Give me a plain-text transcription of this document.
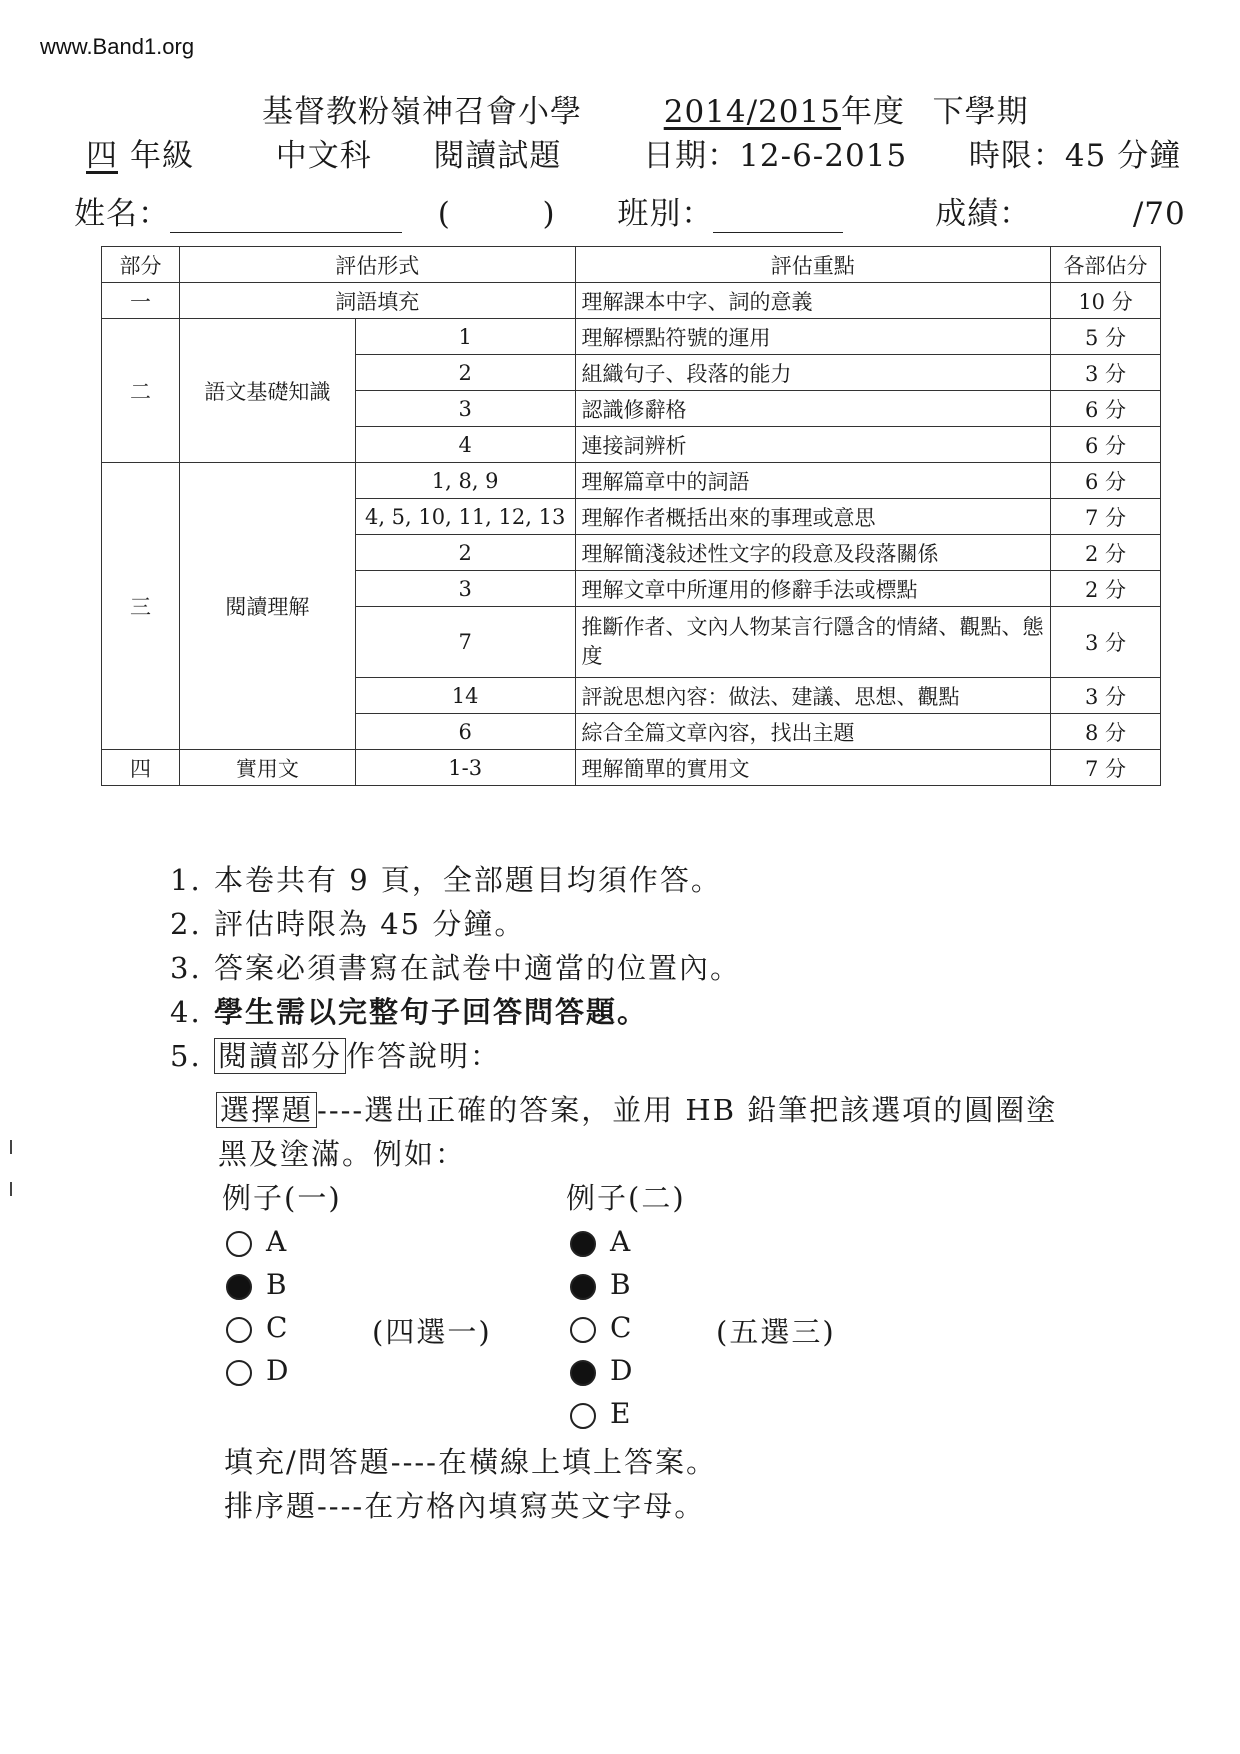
www.Band1.org
基督教粉嶺神召會小學	2014/2015年度 下學期
四 年級	中文科 閱讀試題	日期：12-6-2015 時限：45 分鐘
姓名：	(	) 班別：	成績：	/70
部分	評估形式		評估重點	各部佔分
一	詞語填充		理解課本中字、詞的意義	10 分
二	語文基礎知識	1	理解標點符號的運用	5 分
		2	組織句子、段落的能力	3 分
		3	認識修辭格	6 分
		4	連接詞辨析	6 分
三	閱讀理解	1, 8, 9	理解篇章中的詞語	6 分
		4, 5, 10, 11, 12, 13	理解作者概括出來的事理或意思	7 分
		2	理解簡淺敍述性文字的段意及段落關係	2 分
		3	理解文章中所運用的修辭手法或標點	2 分
		7	推斷作者、文內人物某言行隱含的情緒、觀點、態度	3 分
		14	評說思想內容：做法、建議、思想、觀點	3 分
		6	綜合全篇文章內容，找出主題	8 分
四	實用文	1-3	理解簡單的實用文	7 分
1. 本卷共有 9 頁，全部題目均須作答。
2. 評估時限為 45 分鐘。
3. 答案必須書寫在試卷中適當的位置內。
4. 學生需以完整句子回答問答題。
5. 閱讀部分 作答說明：
選擇題 ----選出正確的答案，並用 HB 鉛筆把該選項的圓圈塗
黑及塗滿。例如：
例子(一)
A
B
C
D
(四選一)
例子(二)
A
B
C
D
E
(五選三)
填充/問答題----在橫線上填上答案。
排序題----在方格內填寫英文字母。
